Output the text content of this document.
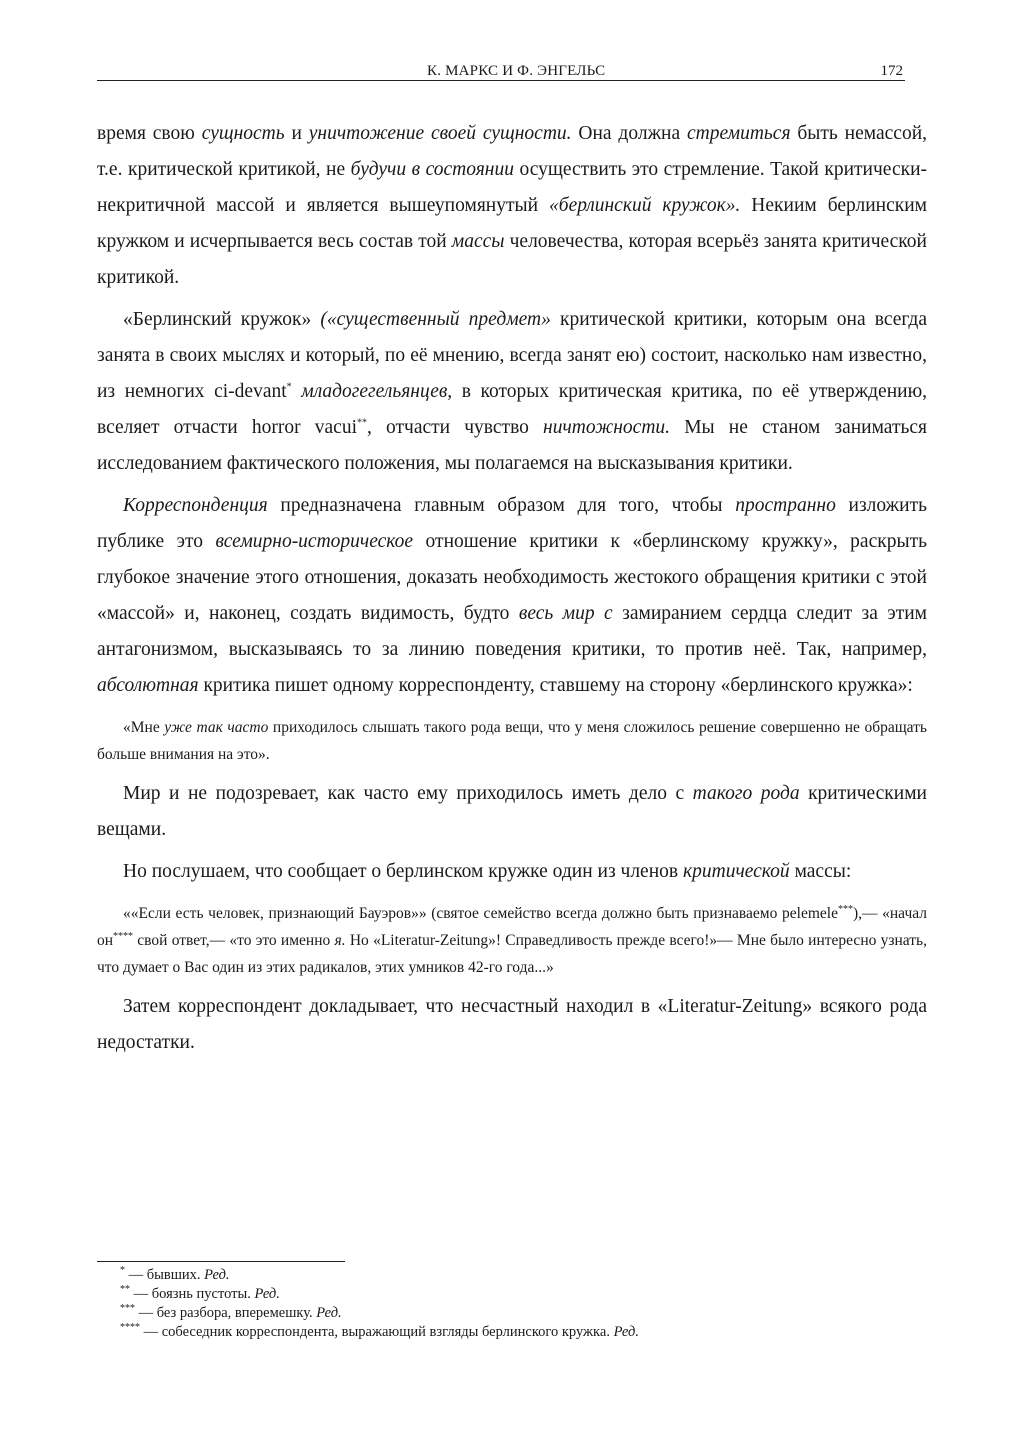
К. МАРКС И Ф. ЭНГЕЛЬС	172

время свою сущность и уничтожение своей сущности. Она должна стремиться быть немассой, т.е. критической критикой, не будучи в состоянии осуществить это стремление. Такой критически-некритичной массой и является вышеупомянутый «берлинский кружок». Некиим берлинским кружком и исчерпывается весь состав той массы человечества, которая всерьёз занята критической критикой.

«Берлинский кружок» («существенный предмет» критической критики, которым она всегда занята в своих мыслях и который, по её мнению, всегда занят ею) состоит, насколько нам известно, из немногих ci-devant* младогегельянцев, в которых критическая критика, по её утверждению, вселяет отчасти horror vacui**, отчасти чувство ничтожности. Мы не станом заниматься исследованием фактического положения, мы полагаемся на высказывания критики.

Корреспонденция предназначена главным образом для того, чтобы пространно изложить публике это всемирно-историческое отношение критики к «берлинскому кружку», раскрыть глубокое значение этого отношения, доказать необходимость жестокого обращения критики с этой «массой» и, наконец, создать видимость, будто весь мир с замиранием сердца следит за этим антагонизмом, высказываясь то за линию поведения критики, то против неё. Так, например, абсолютная критика пишет одному корреспонденту, ставшему на сторону «берлинского кружка»:

«Мне уже так часто приходилось слышать такого рода вещи, что у меня сложилось решение совершенно не обращать больше внимания на это».

Мир и не подозревает, как часто ему приходилось иметь дело с такого рода критическими вещами.

Но послушаем, что сообщает о берлинском кружке один из членов критической массы:

««Если есть человек, признающий Бауэров»» (святое семейство всегда должно быть признаваемо pelemele***),— «начал он**** свой ответ,— «то это именно я. Но «Literatur-Zeitung»! Справедливость прежде всего!»— Мне было интересно узнать, что думает о Вас один из этих радикалов, этих умников 42-го года...»

Затем корреспондент докладывает, что несчастный находил в «Literatur-Zeitung» всякого рода недостатки.

* — бывших. Ред.

** — боязнь пустоты. Ред.

*** — без разбора, вперемешку. Ред.

**** — собеседник корреспондента, выражающий взгляды берлинского кружка. Ред.
